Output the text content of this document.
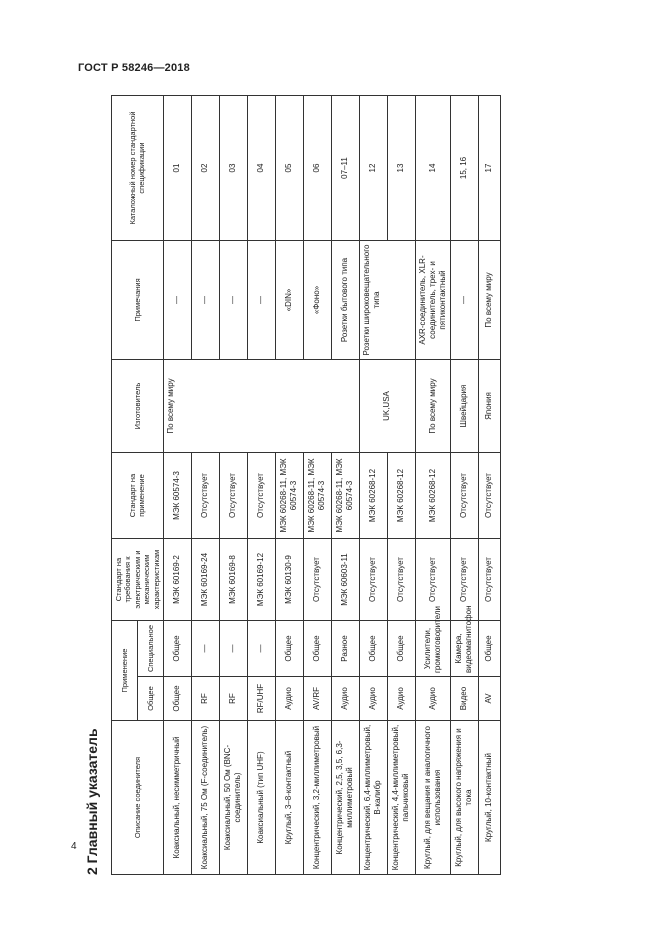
ГОСТ Р 58246—2018
2 Главный указатель	Описание соединителя	Применение		Стандарт на требования к электрическим и механическим характеристикам	Стандарт на применение	Изготовитель	Примечания	Каталожный номер стандартной спецификации
	Общее	Специальное					
Коаксиальный, несимметричный	Общее	Общее	МЭК 60169-2	МЭК 60574-3	По всему миру	—	01
Коаксиальный, 75 Ом (F-соединитель)	RF	—	МЭК 60169-24	Отсутствует		—	02
Коаксиальный, 50 Ом (BNC-соединитель)	RF	—	МЭК 60169-8	Отсутствует		—	03
Коаксиальный (тип UHF)	RF/UHF	—	МЭК 60169-12	Отсутствует		—	04
Круглый, 3–8-контактный	Аудио	Общее	МЭК 60130-9	МЭК 60268-11, МЭК 60574-3		«DIN»	05
Концентрический, 3,2-миллиметровый	AV/RF	Общее	Отсутствует	МЭК 60268-11, МЭК 60574-3		«Фоно»	06
Концентрический, 2,5, 3,5, 6,3-миллиметровый	Аудио	Разное	МЭК 60603-11	МЭК 60268-11, МЭК 60574-3		Розетки бытового типа	07–11
Концентрический, 6,4-миллиметровый, B-калибр	Аудио	Общее	Отсутствует	МЭК 60268-12	UK,USA	Розетки широковещательного типа	12
Концентрический, 4,4-миллиметровый, пальчиковый	Аудио	Общее	Отсутствует	МЭК 60268-12			13
Круглый, для вещания и аналогичного использования	Аудио	Усилители, громкоговорители	Отсутствует	МЭК 60268-12	По всему миру	AXR-соединитель, XLR-соединитель, трех- и пятиконтактный	14
Круглый, для высокого напряжения и тока	Видео	Камера, видеомагнитофон	Отсутствует	Отсутствует	Швейцария	—	15, 16
Круглый, 10-контактный	AV	Общее	Отсутствует	Отсутствует	Япония	По всему миру	17
4
